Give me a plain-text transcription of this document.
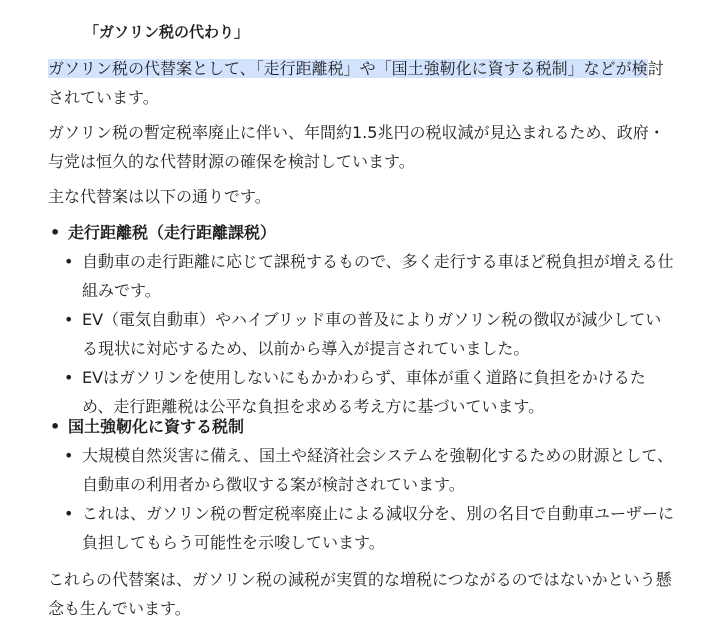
「ガソリン税の代わり」

ガソリン税の代替案として、「走行距離税」や「国土強靭化に資する税制」などが検討されています。

ガソリン税の暫定税率廃止に伴い、年間約1.5兆円の税収減が見込まれるため、政府・与党は恒久的な代替財源の確保を検討しています。

主な代替案は以下の通りです。

• 走行距離税（走行距離課税）
• 自動車の走行距離に応じて課税するもので、多く走行する車ほど税負担が増える仕組みです。
• EV（電気自動車）やハイブリッド車の普及によりガソリン税の徴収が減少している現状に対応するため、以前から導入が提言されていました。
• EVはガソリンを使用しないにもかかわらず、車体が重く道路に負担をかけるため、走行距離税は公平な負担を求める考え方に基づいています。
• 国土強靭化に資する税制
• 大規模自然災害に備え、国土や経済社会システムを強靭化するための財源として、自動車の利用者から徴収する案が検討されています。
• これは、ガソリン税の暫定税率廃止による減収分を、別の名目で自動車ユーザーに負担してもらう可能性を示唆しています。

これらの代替案は、ガソリン税の減税が実質的な増税につながるのではないかという懸念も生んでいます。
